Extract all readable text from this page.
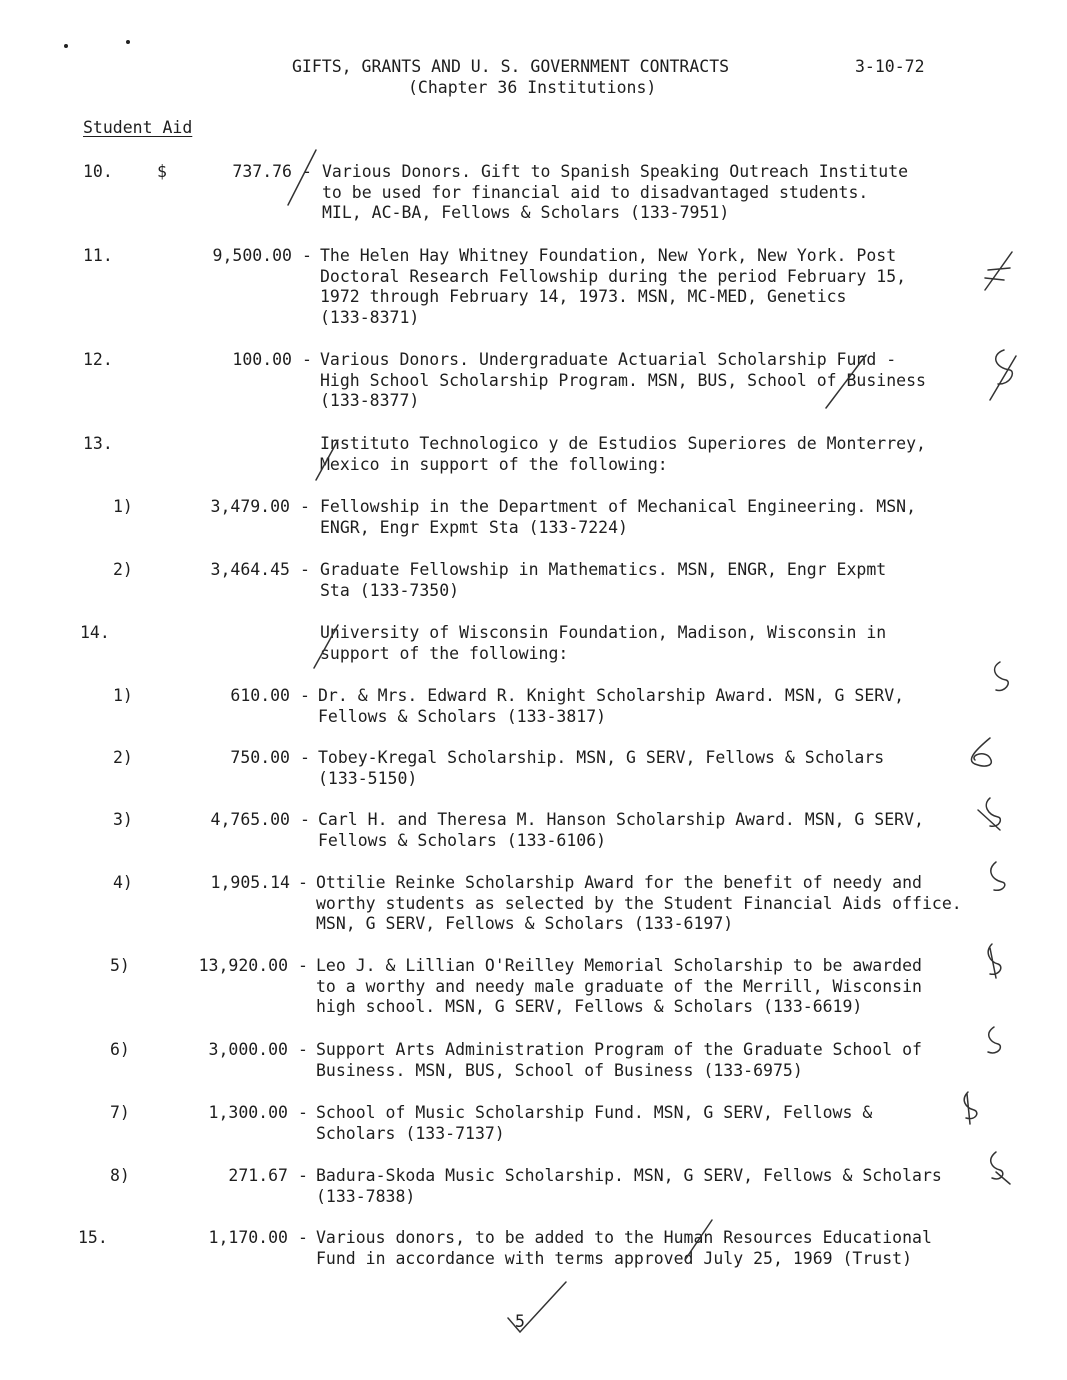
GIFTS, GRANTS AND U. S. GOVERNMENT CONTRACTS
(Chapter 36 Institutions)
3-10-72
Student Aid
$
10.	737.76 - Various Donors. Gift to Spanish Speaking Outreach Institute
to be used for financial aid to disadvantaged students.
MIL, AC-BA, Fellows & Scholars (133-7951)
11.	9,500.00 - The Helen Hay Whitney Foundation, New York, New York. Post
Doctoral Research Fellowship during the period February 15,
1972 through February 14, 1973. MSN, MC-MED, Genetics
(133-8371)
12.	100.00 - Various Donors. Undergraduate Actuarial Scholarship Fund -
High School Scholarship Program. MSN, BUS, School of Business
(133-8377)
13.	Instituto Technologico y de Estudios Superiores de Monterrey,
Mexico in support of the following:
1)	3,479.00 - Fellowship in the Department of Mechanical Engineering. MSN,
ENGR, Engr Expmt Sta (133-7224)
2)	3,464.45 - Graduate Fellowship in Mathematics. MSN, ENGR, Engr Expmt
Sta (133-7350)
14.	University of Wisconsin Foundation, Madison, Wisconsin in
support of the following:
1)	610.00 - Dr. & Mrs. Edward R. Knight Scholarship Award. MSN, G SERV,
Fellows & Scholars (133-3817)
2)	750.00 - Tobey-Kregal Scholarship. MSN, G SERV, Fellows & Scholars
(133-5150)
3)	4,765.00 - Carl H. and Theresa M. Hanson Scholarship Award. MSN, G SERV,
Fellows & Scholars (133-6106)
4)	1,905.14 - Ottilie Reinke Scholarship Award for the benefit of needy and
worthy students as selected by the Student Financial Aids office.
MSN, G SERV, Fellows & Scholars (133-6197)
5)	13,920.00 - Leo J. & Lillian O'Reilley Memorial Scholarship to be awarded
to a worthy and needy male graduate of the Merrill, Wisconsin
high school. MSN, G SERV, Fellows & Scholars (133-6619)
6)	3,000.00 - Support Arts Administration Program of the Graduate School of
Business. MSN, BUS, School of Business (133-6975)
7)	1,300.00 - School of Music Scholarship Fund. MSN, G SERV, Fellows &
Scholars (133-7137)
8)	271.67 - Badura-Skoda Music Scholarship. MSN, G SERV, Fellows & Scholars
(133-7838)
15.	1,170.00 - Various donors, to be added to the Human Resources Educational
Fund in accordance with terms approved July 25, 1969 (Trust)
5
